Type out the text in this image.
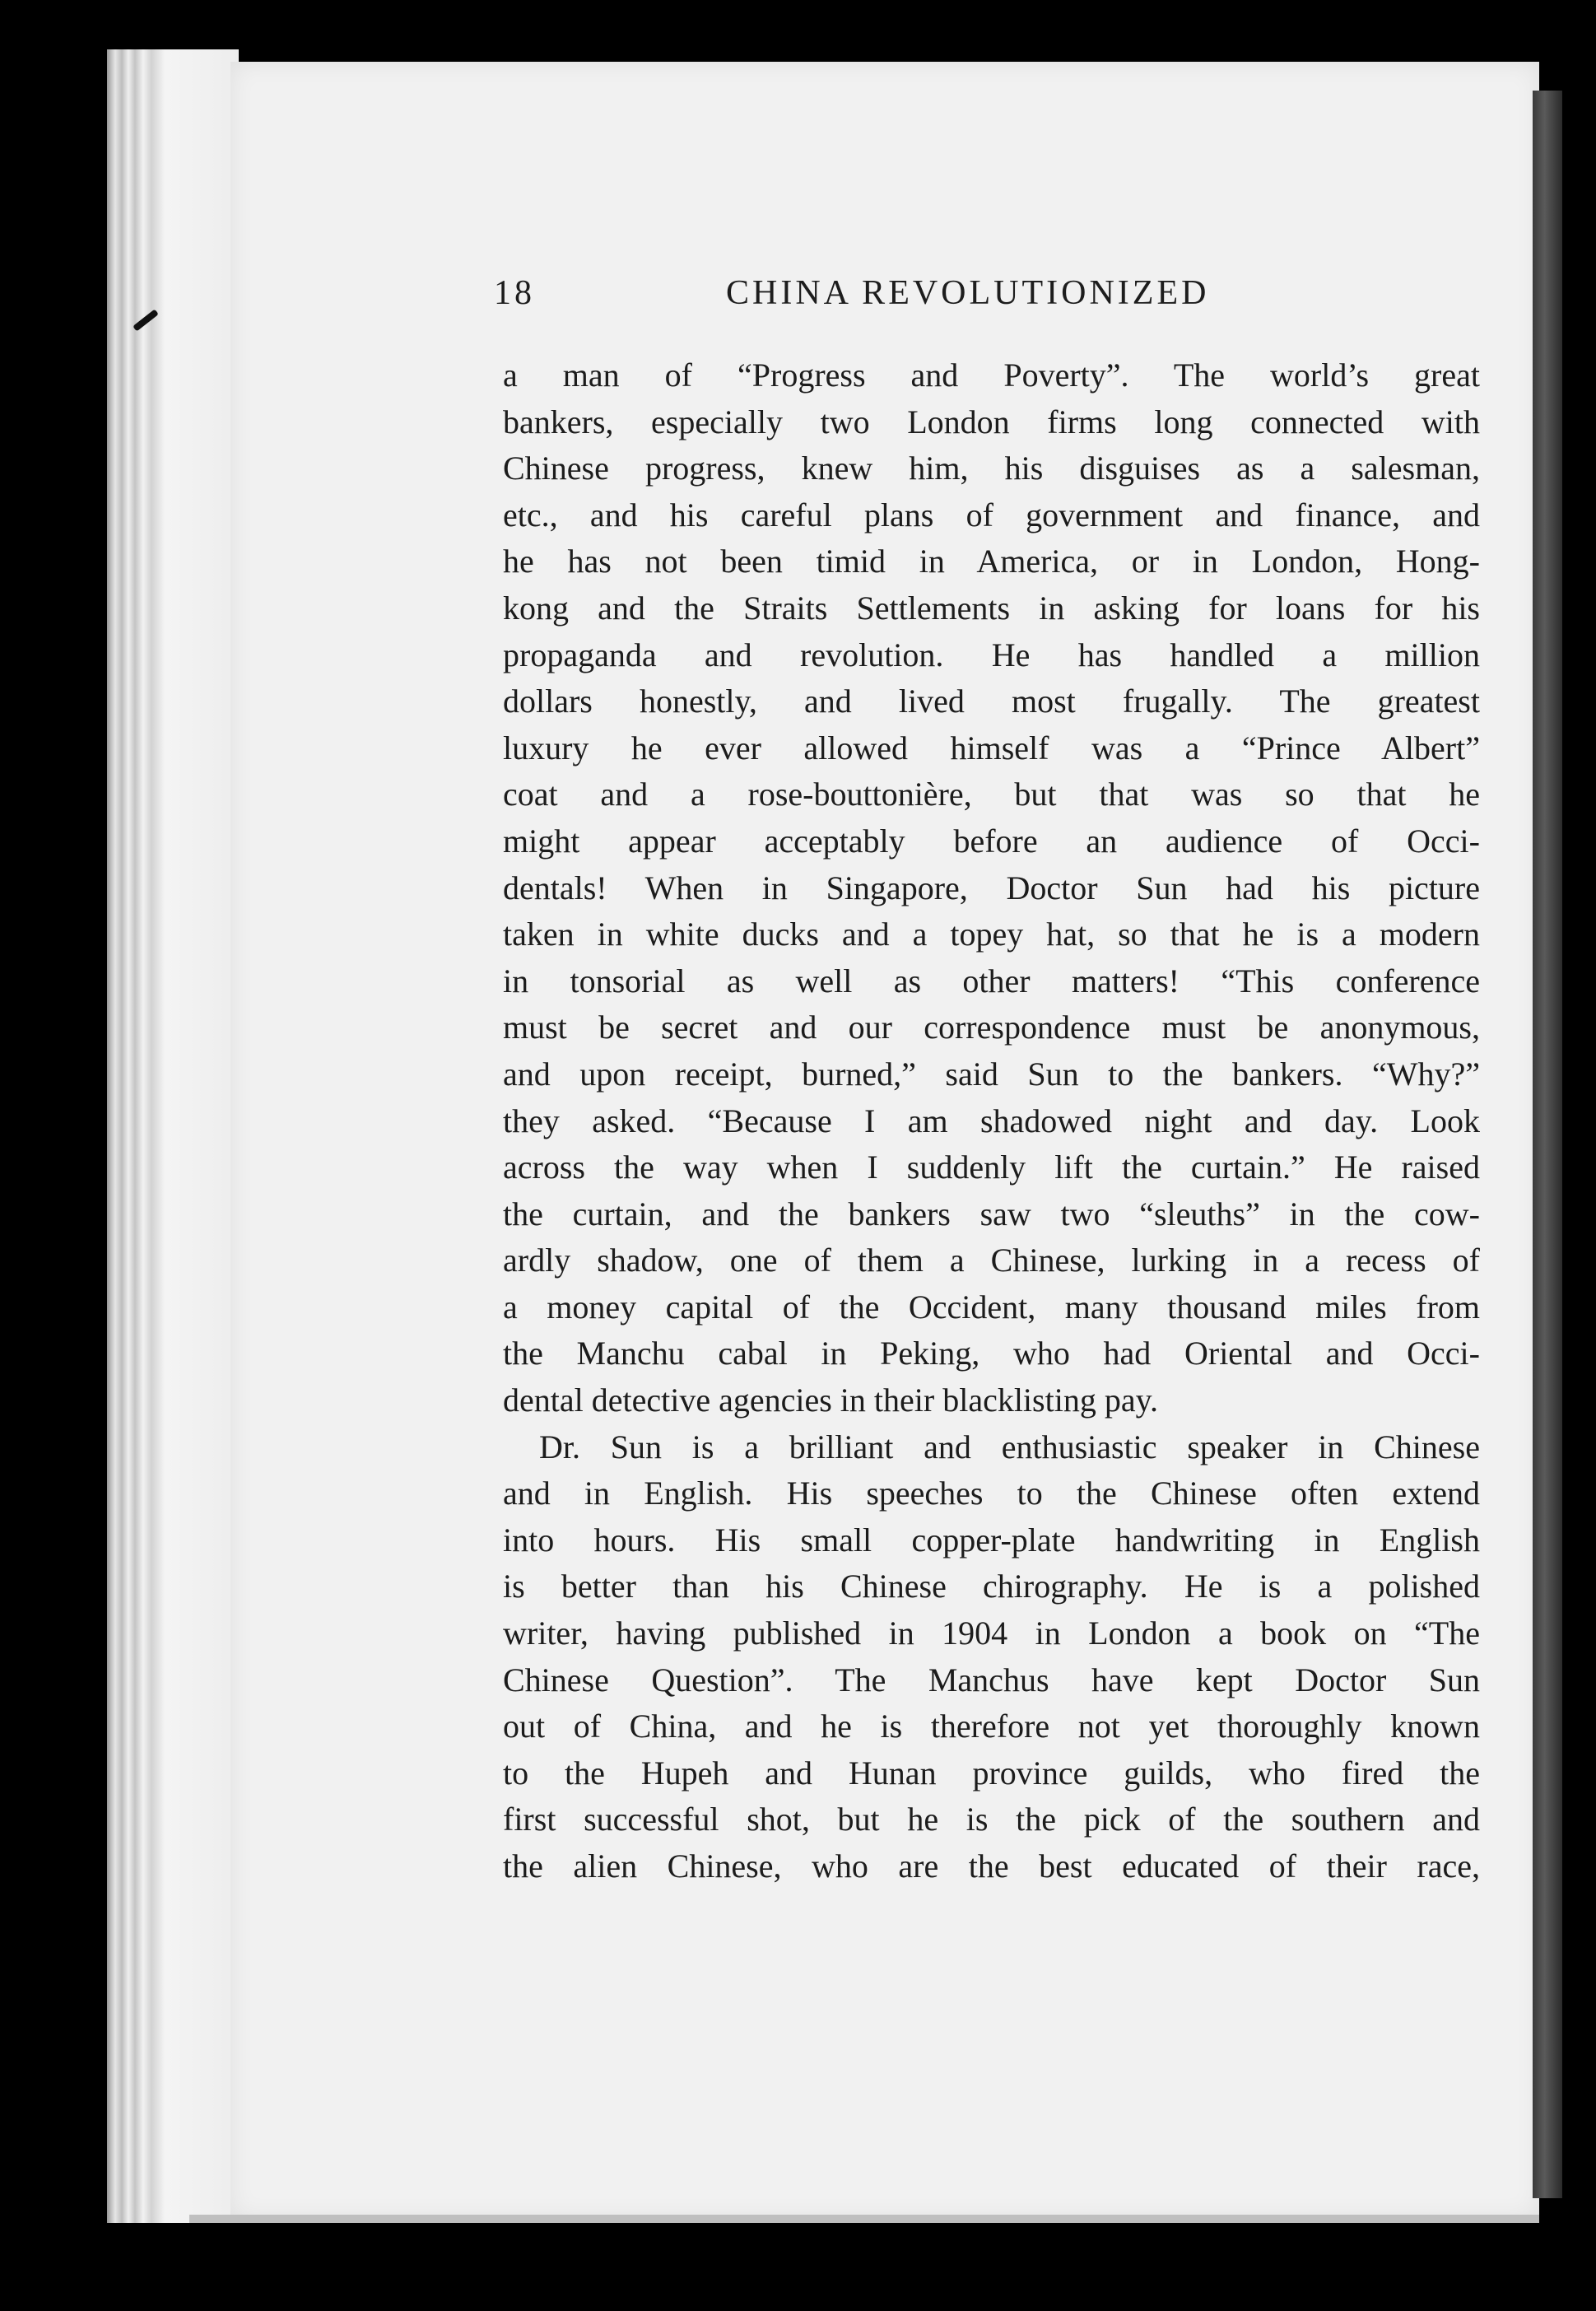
18	CHINA REVOLUTIONIZED
a man of “Progress and Poverty”. The world’s great
bankers, especially two London firms long connected with
Chinese progress, knew him, his disguises as a salesman,
etc., and his careful plans of government and finance, and
he has not been timid in America, or in London, Hong-
kong and the Straits Settlements in asking for loans for his
propaganda and revolution. He has handled a million
dollars honestly, and lived most frugally. The greatest
luxury he ever allowed himself was a “Prince Albert”
coat and a rose-bouttonière, but that was so that he
might appear acceptably before an audience of Occi-
dentals! When in Singapore, Doctor Sun had his picture
taken in white ducks and a topey hat, so that he is a modern
in tonsorial as well as other matters! “This conference
must be secret and our correspondence must be anonymous,
and upon receipt, burned,” said Sun to the bankers. “Why?”
they asked. “Because I am shadowed night and day. Look
across the way when I suddenly lift the curtain.” He raised
the curtain, and the bankers saw two “sleuths” in the cow-
ardly shadow, one of them a Chinese, lurking in a recess of
a money capital of the Occident, many thousand miles from
the Manchu cabal in Peking, who had Oriental and Occi-
dental detective agencies in their blacklisting pay.
Dr. Sun is a brilliant and enthusiastic speaker in Chinese
and in English. His speeches to the Chinese often extend
into hours. His small copper-plate handwriting in English
is better than his Chinese chirography. He is a polished
writer, having published in 1904 in London a book on “The
Chinese Question”. The Manchus have kept Doctor Sun
out of China, and he is therefore not yet thoroughly known
to the Hupeh and Hunan province guilds, who fired the
first successful shot, but he is the pick of the southern and
the alien Chinese, who are the best educated of their race,
